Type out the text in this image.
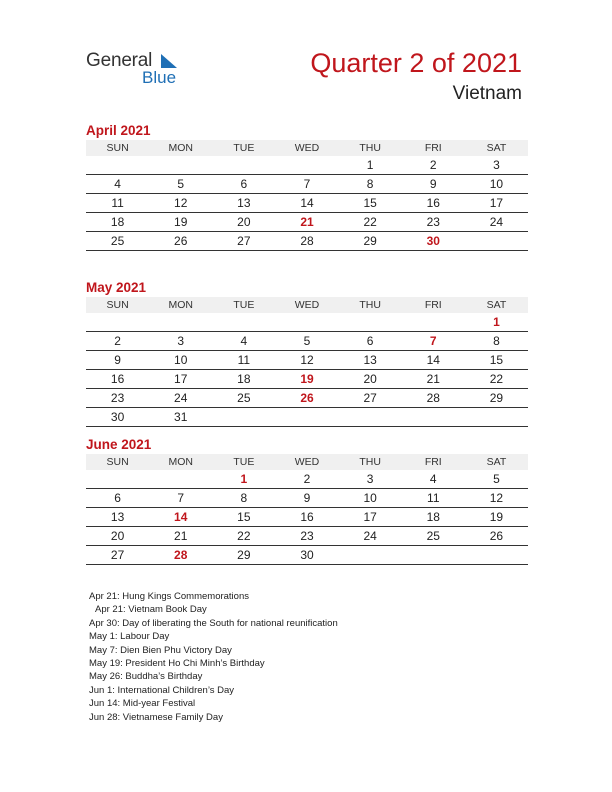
General
Blue	Quarter 2 of 2021
Vietnam
April 2021
SUN	MON	TUE	WED	THU	FRI	SAT
				1	2	3
4	5	6	7	8	9	10
11	12	13	14	15	16	17
18	19	20	21	22	23	24
25	26	27	28	29	30	
May 2021
SUN	MON	TUE	WED	THU	FRI	SAT
						1
2	3	4	5	6	7	8
9	10	11	12	13	14	15
16	17	18	19	20	21	22
23	24	25	26	27	28	29
30	31					
June 2021
SUN	MON	TUE	WED	THU	FRI	SAT
		1	2	3	4	5
6	7	8	9	10	11	12
13	14	15	16	17	18	19
20	21	22	23	24	25	26
27	28	29	30			
Apr 21: Hung Kings Commemorations
Apr 21: Vietnam Book Day
Apr 30: Day of liberating the South for national reunification
May 1: Labour Day
May 7: Dien Bien Phu Victory Day
May 19: President Ho Chi Minh’s Birthday
May 26: Buddha’s Birthday
Jun 1: International Children’s Day
Jun 14: Mid-year Festival
Jun 28: Vietnamese Family Day
